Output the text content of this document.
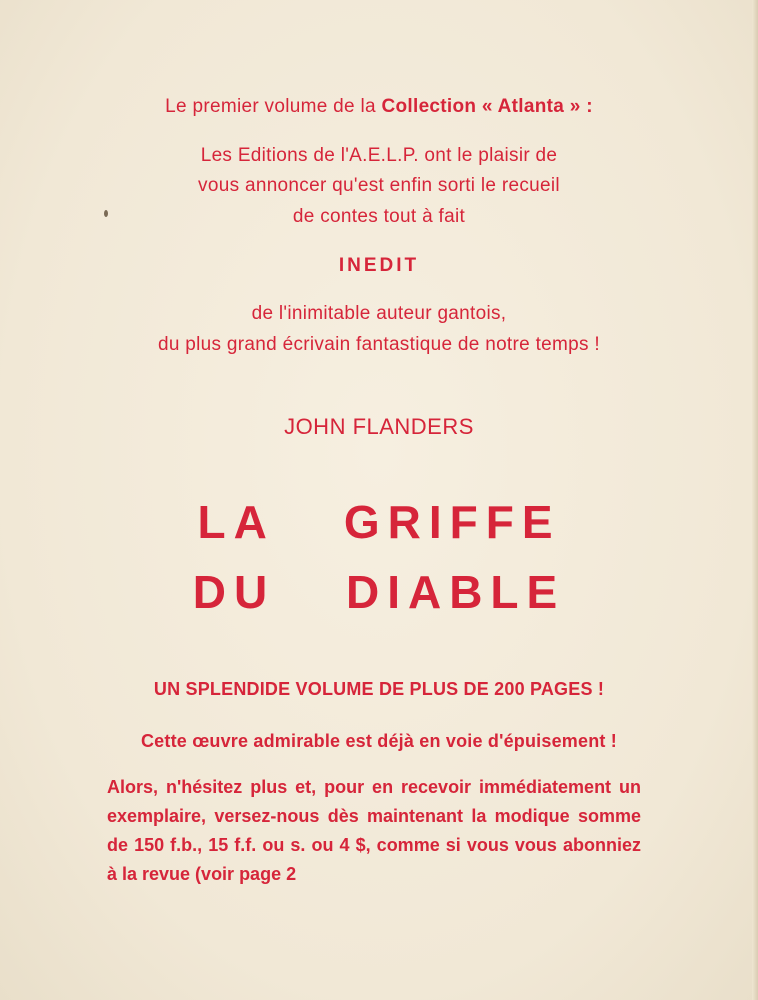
Le premier volume de la Collection « Atlanta » :
Les Editions de l'A.E.L.P. ont le plaisir de
vous annoncer qu'est enfin sorti le recueil
de contes tout à fait
INEDIT
de l'inimitable auteur gantois,
du plus grand écrivain fantastique de notre temps !
JOHN FLANDERS
LA GRIFFE
DU DIABLE
UN SPLENDIDE VOLUME DE PLUS DE 200 PAGES !
Cette œuvre admirable est déjà en voie d'épuisement !
Alors, n'hésitez plus et, pour en recevoir immédiatement un exemplaire, versez-nous dès maintenant la modique somme de 150 f.b., 15 f.f. ou s. ou 4 $, comme si vous vous abonniez à la revue (voir page 2
